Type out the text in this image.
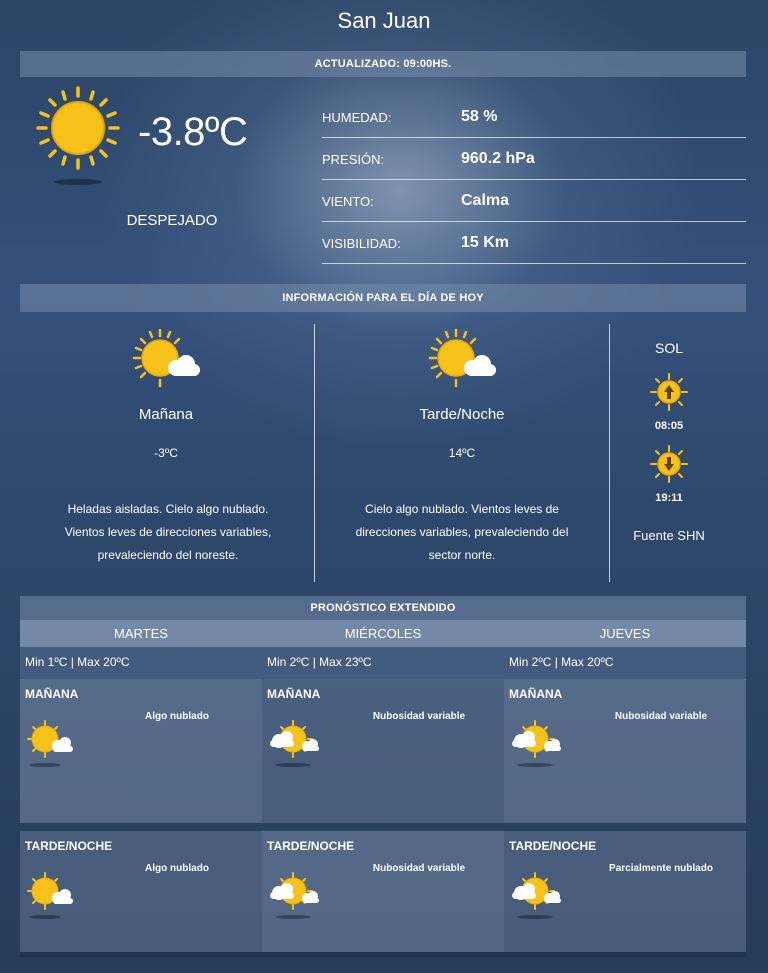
San Juan
ACTUALIZADO: 09:00HS.
-3.8ºC
DESPEJADO
HUMEDAD:	58 %
PRESIÓN:	960.2 hPa
VIENTO:	Calma
VISIBILIDAD:	15 Km
INFORMACIÓN PARA EL DÍA DE HOY
Mañana
-3ºC
Heladas aisladas. Cielo algo nublado.
Vientos leves de direcciones variables,
prevaleciendo del noreste.
Tarde/Noche
14ºC
Cielo algo nublado. Vientos leves de
direcciones variables, prevaleciendo del
sector norte.
SOL
08:05
19:11
Fuente SHN
PRONÓSTICO EXTENDIDO
MARTES
Min 1ºC | Max 20ºC
MAÑANA
Algo nublado
TARDE/NOCHE
Algo nublado
MIÉRCOLES
Min 2ºC | Max 23ºC
MAÑANA
Nubosidad variable
TARDE/NOCHE
Nubosidad variable
JUEVES
Min 2ºC | Max 20ºC
MAÑANA
Nubosidad variable
TARDE/NOCHE
Parcialmente nublado
